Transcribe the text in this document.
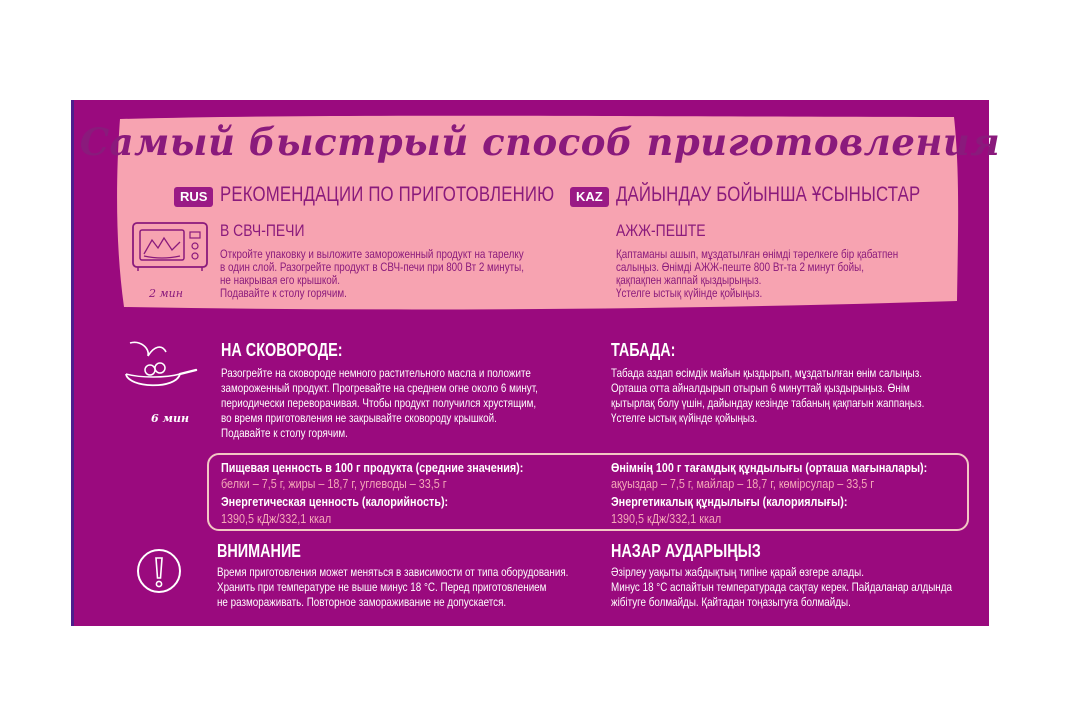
Самый быстрый способ приготовления
RUS РЕКОМЕНДАЦИИ ПО ПРИГОТОВЛЕНИЮ	KAZ ДАЙЫНДАУ БОЙЫНША ҰСЫНЫСТАР
2 мин
В СВЧ-ПЕЧИ
Откройте упаковку и выложите замороженный продукт на тарелку
в один слой. Разогрейте продукт в СВЧ-печи при 800 Вт 2 минуты,
не накрывая его крышкой.
Подавайте к столу горячим.
АЖЖ-ПЕШТЕ
Қаптаманы ашып, мұздатылған өнімді тәрелкеге бір қабатпен
салыңыз. Өнімді АЖЖ-пеште 800 Вт-та 2 минут бойы,
қақпақпен жаппай қыздырыңыз.
Үстелге ыстық күйінде қойыңыз.
6 мин
НА СКОВОРОДЕ:
Разогрейте на сковороде немного растительного масла и положите
замороженный продукт. Прогревайте на среднем огне около 6 минут,
периодически переворачивая. Чтобы продукт получился хрустящим,
во время приготовления не закрывайте сковороду крышкой.
Подавайте к столу горячим.
ТАБАДА:
Табада аздап өсімдік майын қыздырып, мұздатылған өнім салыңыз.
Орташа отта айналдырып отырып 6 минуттай қыздырыңыз. Өнім
қытырлақ болу үшін, дайындау кезінде табаның қақпағын жаппаңыз.
Үстелге ыстық күйінде қойыңыз.
Пищевая ценность в 100 г продукта (средние значения):
белки – 7,5 г, жиры – 18,7 г, углеводы – 33,5 г
Энергетическая ценность (калорийность):
1390,5 кДж/332,1 ккал
Өнімнің 100 г тағамдық құндылығы (орташа мағыналары):
ақуыздар – 7,5 г, майлар – 18,7 г, көмірсулар – 33,5 г
Энергетикалық құндылығы (калориялығы):
1390,5 кДж/332,1 ккал
ВНИМАНИЕ
Время приготовления может меняться в зависимости от типа оборудования.
Хранить при температуре не выше минус 18 °С. Перед приготовлением
не размораживать. Повторное замораживание не допускается.
НАЗАР АУДАРЫҢЫЗ
Әзірлеу уақыты жабдықтың типіне қарай өзгере алады.
Минус 18 °С аспайтын температурада сақтау керек. Пайдаланар алдында
жібітуге болмайды. Қайтадан тоңазытуға болмайды.
